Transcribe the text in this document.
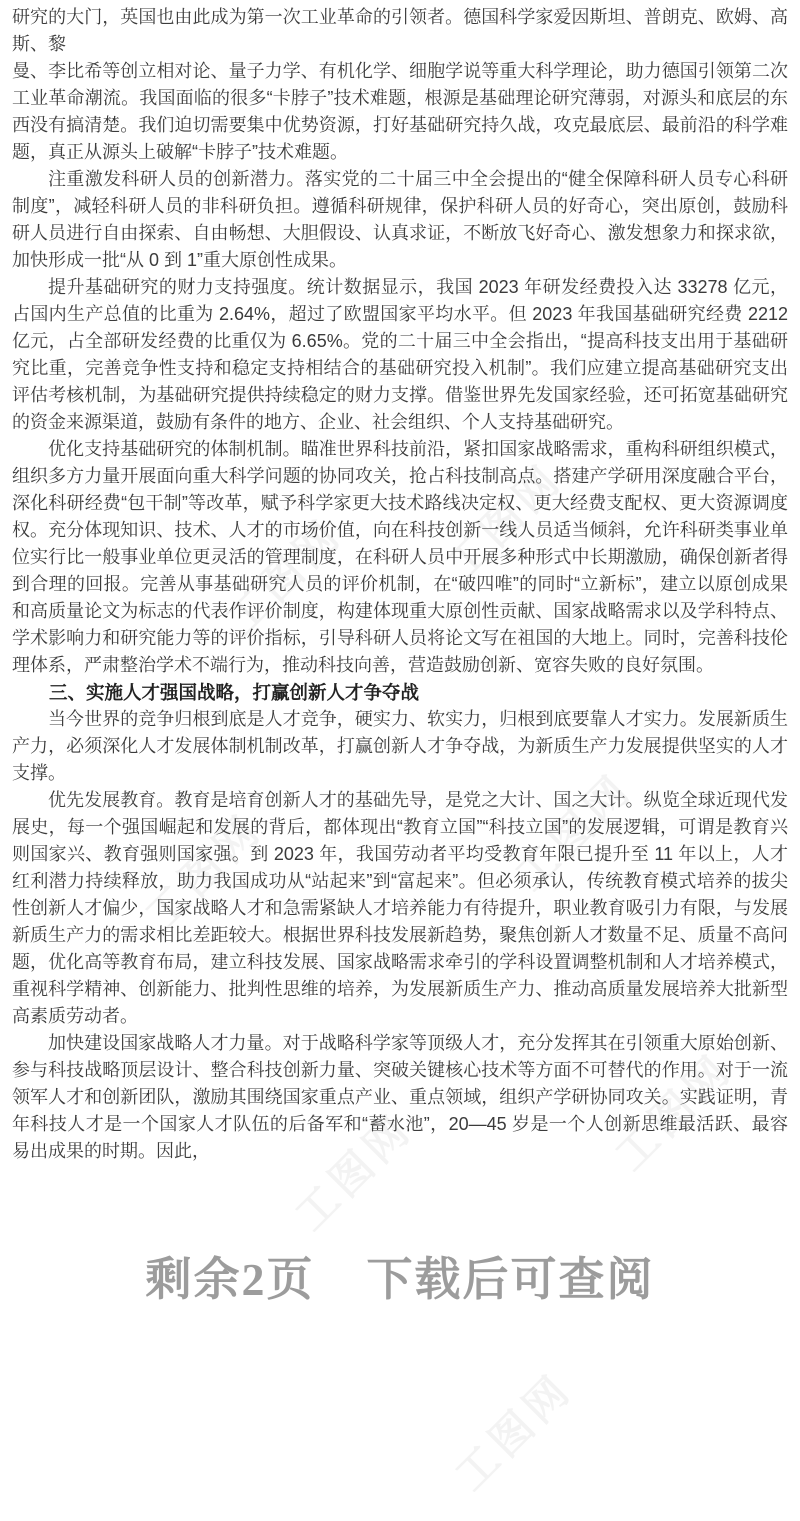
研究的大门，英国也由此成为第一次工业革命的引领者。德国科学家爱因斯坦、普朗克、欧姆、高斯、黎

曼、李比希等创立相对论、量子力学、有机化学、细胞学说等重大科学理论，助力德国引领第二次工业革命潮流。我国面临的很多“卡脖子”技术难题，根源是基础理论研究薄弱，对源头和底层的东西没有搞清楚。我们迫切需要集中优势资源，打好基础研究持久战，攻克最底层、最前沿的科学难题，真正从源头上破解“卡脖子”技术难题。

注重激发科研人员的创新潜力。落实党的二十届三中全会提出的“健全保障科研人员专心科研制度”，减轻科研人员的非科研负担。遵循科研规律，保护科研人员的好奇心，突出原创，鼓励科研人员进行自由探索、自由畅想、大胆假设、认真求证，不断放飞好奇心、激发想象力和探求欲，加快形成一批“从 0 到 1”重大原创性成果。

提升基础研究的财力支持强度。统计数据显示，我国 2023 年研发经费投入达 33278 亿元，占国内生产总值的比重为 2.64%，超过了欧盟国家平均水平。但 2023 年我国基础研究经费 2212 亿元，占全部研发经费的比重仅为 6.65%。党的二十届三中全会指出，“提高科技支出用于基础研究比重，完善竞争性支持和稳定支持相结合的基础研究投入机制”。我们应建立提高基础研究支出评估考核机制，为基础研究提供持续稳定的财力支撑。借鉴世界先发国家经验，还可拓宽基础研究的资金来源渠道，鼓励有条件的地方、企业、社会组织、个人支持基础研究。

优化支持基础研究的体制机制。瞄准世界科技前沿，紧扣国家战略需求，重构科研组织模式，组织多方力量开展面向重大科学问题的协同攻关，抢占科技制高点。搭建产学研用深度融合平台，深化科研经费“包干制”等改革，赋予科学家更大技术路线决定权、更大经费支配权、更大资源调度权。充分体现知识、技术、人才的市场价值，向在科技创新一线人员适当倾斜，允许科研类事业单位实行比一般事业单位更灵活的管理制度，在科研人员中开展多种形式中长期激励，确保创新者得到合理的回报。完善从事基础研究人员的评价机制，在“破四唯”的同时“立新标”，建立以原创成果和高质量论文为标志的代表作评价制度，构建体现重大原创性贡献、国家战略需求以及学科特点、学术影响力和研究能力等的评价指标，引导科研人员将论文写在祖国的大地上。同时，完善科技伦理体系，严肃整治学术不端行为，推动科技向善，营造鼓励创新、宽容失败的良好氛围。

三、实施人才强国战略，打赢创新人才争夺战

当今世界的竞争归根到底是人才竞争，硬实力、软实力，归根到底要靠人才实力。发展新质生产力，必须深化人才发展体制机制改革，打赢创新人才争夺战，为新质生产力发展提供坚实的人才支撑。

优先发展教育。教育是培育创新人才的基础先导，是党之大计、国之大计。纵览全球近现代发展史，每一个强国崛起和发展的背后，都体现出“教育立国”“科技立国”的发展逻辑，可谓是教育兴则国家兴、教育强则国家强。到 2023 年，我国劳动者平均受教育年限已提升至 11 年以上，人才红利潜力持续释放，助力我国成功从“站起来”到“富起来”。但必须承认，传统教育模式培养的拔尖性创新人才偏少，国家战略人才和急需紧缺人才培养能力有待提升，职业教育吸引力有限，与发展新质生产力的需求相比差距较大。根据世界科技发展新趋势，聚焦创新人才数量不足、质量不高问题，优化高等教育布局，建立科技发展、国家战略需求牵引的学科设置调整机制和人才培养模式，重视科学精神、创新能力、批判性思维的培养，为发展新质生产力、推动高质量发展培养大批新型高素质劳动者。

加快建设国家战略人才力量。对于战略科学家等顶级人才，充分发挥其在引领重大原始创新、参与科技战略顶层设计、整合科技创新力量、突破关键核心技术等方面不可替代的作用。对于一流领军人才和创新团队，激励其围绕国家重点产业、重点领域，组织产学研协同攻关。实践证明，青年科技人才是一个国家人才队伍的后备军和“蓄水池”，20—45 岁是一个人创新思维最活跃、最容易出成果的时期。因此，

剩余2页 下载后可查阅
